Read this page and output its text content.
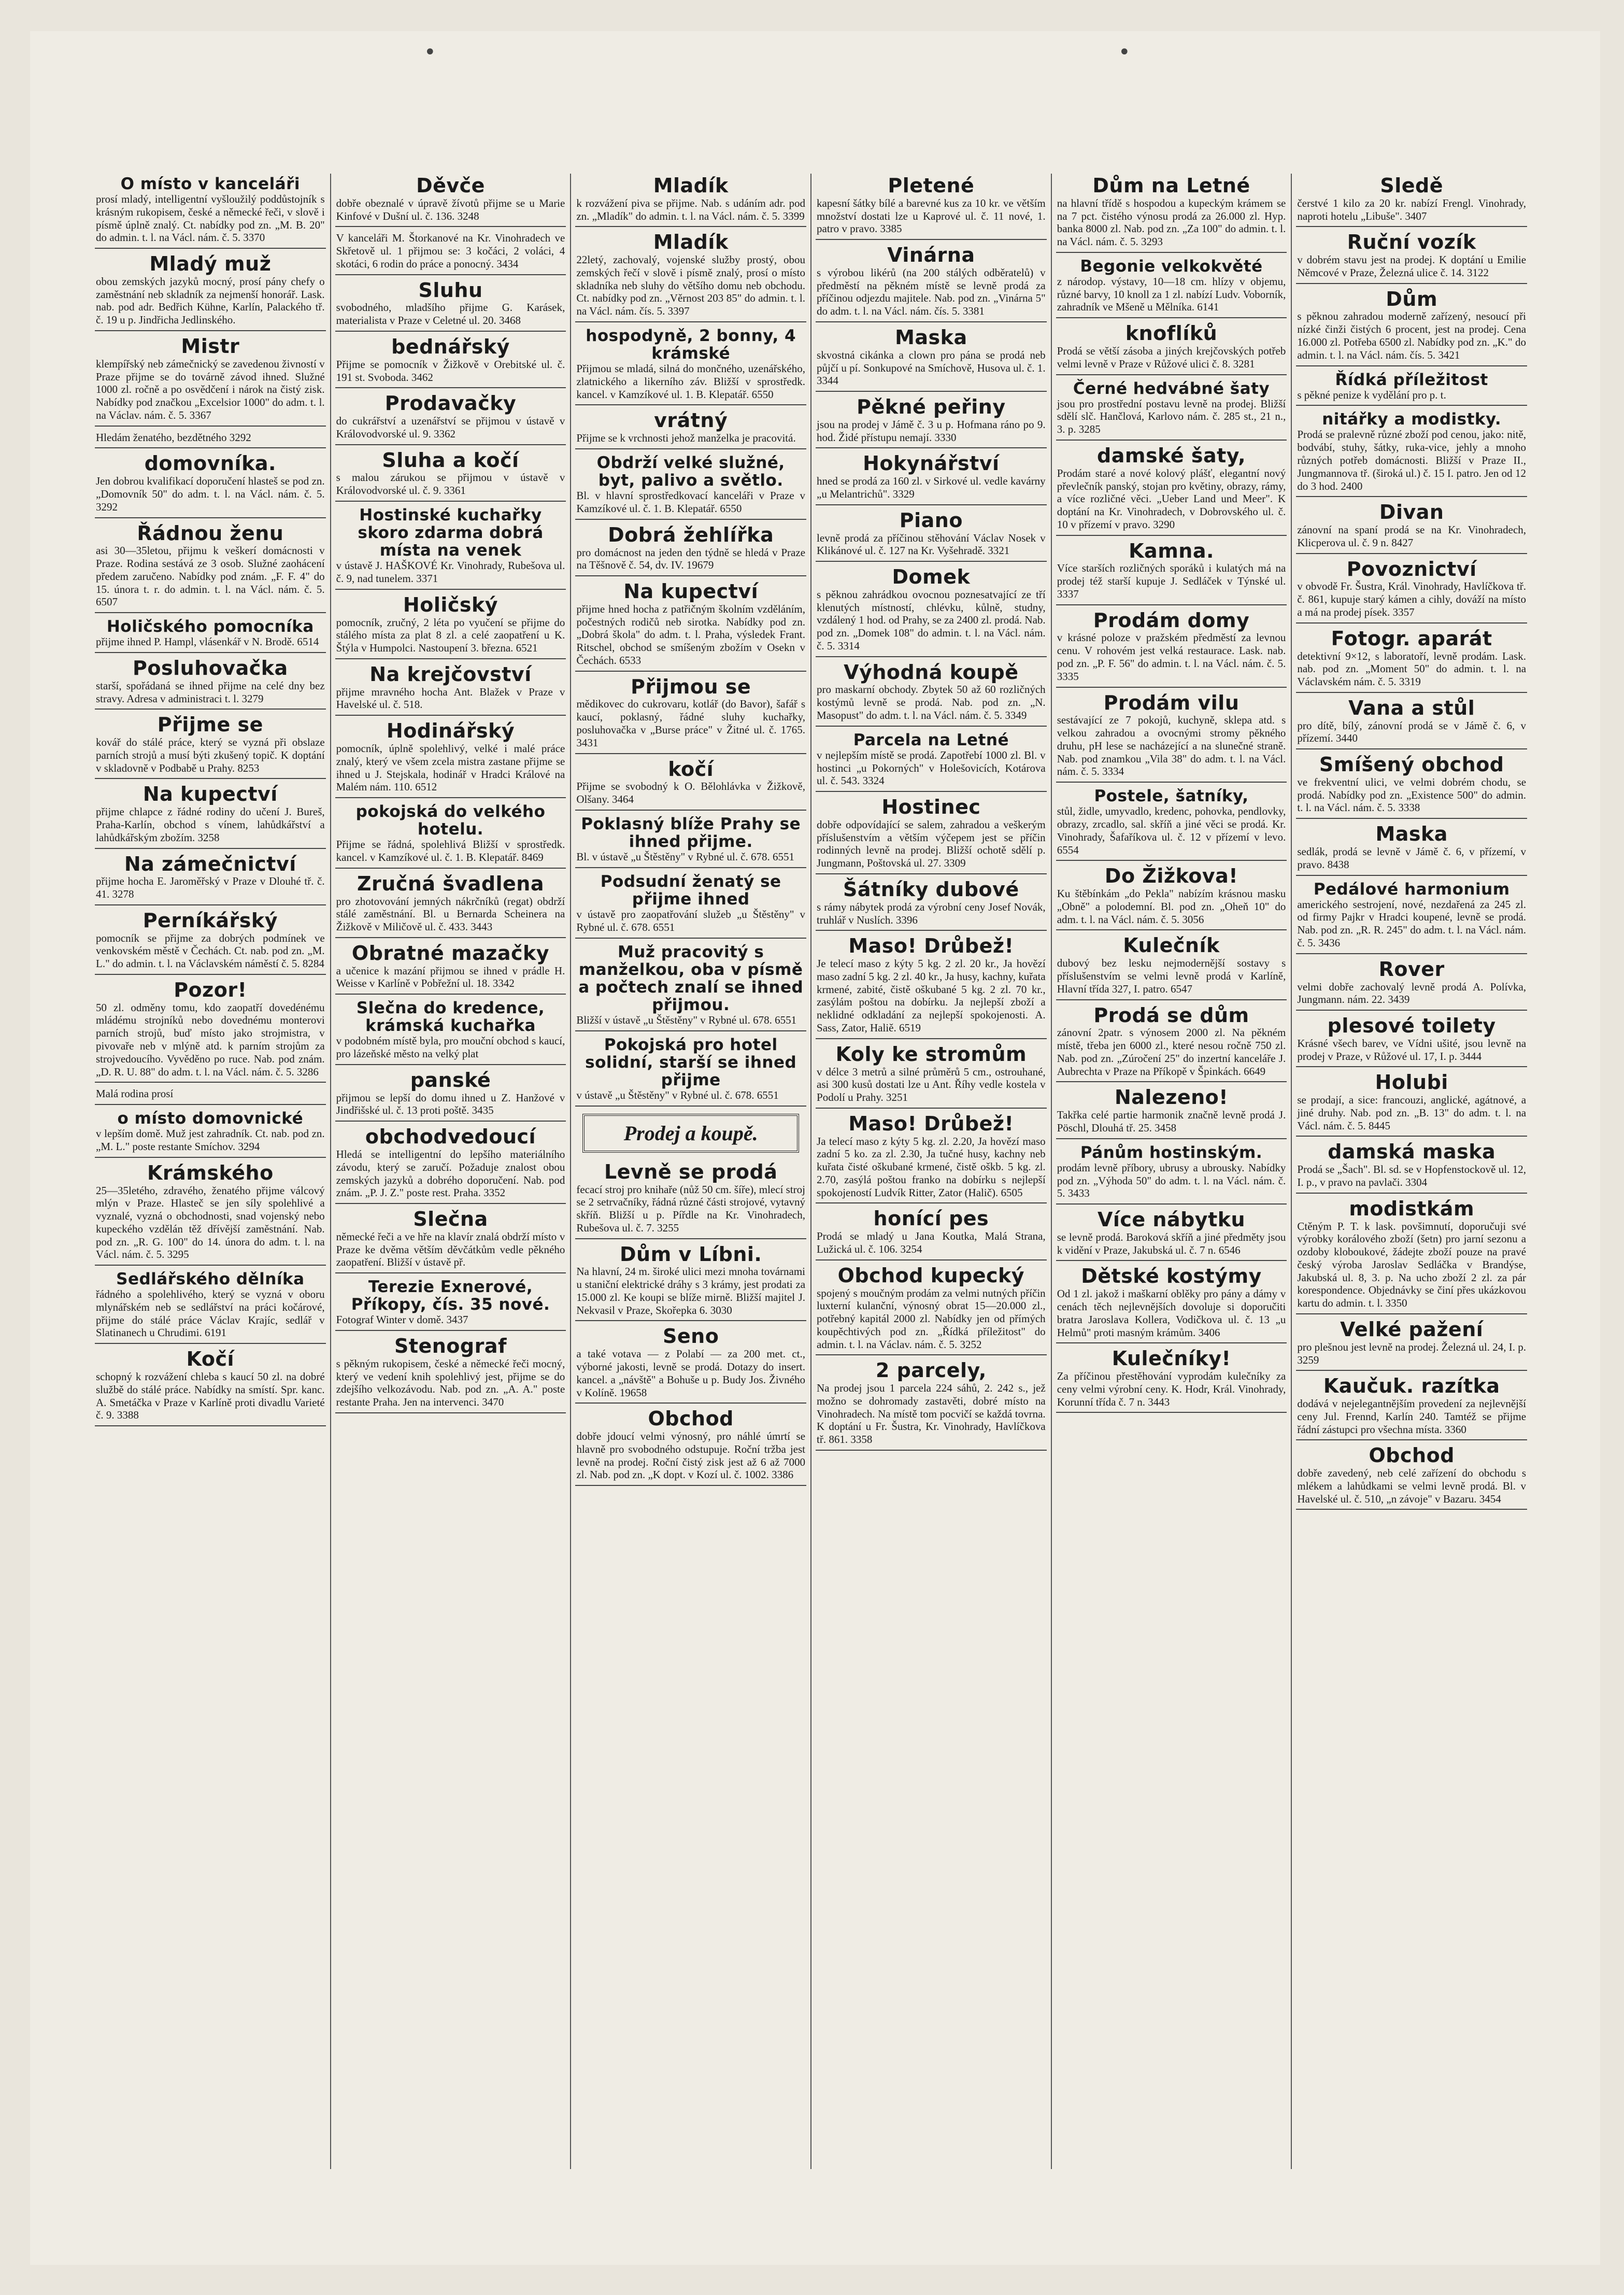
•	•
O místo v kanceláři
prosí mladý, intelligentní vyšloužilý poddůstojník s krásným rukopisem, české a německé řeči, v slově i písmě úplně znalý. Ct. nabídky pod zn. „M. B. 20" do admin. t. l. na Václ. nám. č. 5. 3370
Mladý muž
obou zemských jazyků mocný, prosí pány chefy o zaměstnání neb skladník za nejmenší honorář. Lask. nab. pod adr. Bedřich Kühne, Karlín, Palackého tř. č. 19 u p. Jindřicha Jedlinského.
Mistr
klempířský neb zámečnický se zavedenou živností v Praze přijme se do továrně závod ihned. Služné 1000 zl. ročně a po osvědčení i nárok na čistý zisk. Nabídky pod značkou „Excelsior 1000" do adm. t. l. na Václav. nám. č. 5. 3367
Hledám ženatého, bezdětného 3292
domovníka.
Jen dobrou kvalifikací doporučení hlasteš se pod zn. „Domovník 50" do adm. t. l. na Václ. nám. č. 5. 3292
Řádnou ženu
asi 30—35letou, přijmu k veškerí domácnosti v Praze. Rodina sestává ze 3 osob. Služné zaohácení předem zaručeno. Nabídky pod znám. „F. F. 4" do 15. února t. r. do admin. t. l. na Václ. nám. č. 5. 6507
Holičského pomocníka
přijme ihned P. Hampl, vlásenkář v N. Brodě. 6514
Posluhovačka
starší, spořádaná se ihned přijme na celé dny bez stravy. Adresa v administraci t. l. 3279
Přijme se
kovář do stálé práce, který se vyzná při obslaze parních strojů a musí býti zkušený topič. K doptání v skladovně v Podbabě u Prahy. 8253
Na kupectví
přijme chlapce z řádné rodiny do učení J. Bureš, Praha-Karlín, obchod s vínem, lahůdkářství a lahůdkářským zbožím. 3258
Na zámečnictví
přijme hocha E. Jaroměřský v Praze v Dlouhé tř. č. 41. 3278
Perníkářský
pomocník se přijme za dobrých podmínek ve venkovském městě v Čechách. Ct. nab. pod zn. „M. L." do admin. t. l. na Václavském náměstí č. 5. 8284
Pozor!
50 zl. odměny tomu, kdo zaopatří dovedénému mládému strojníků nebo dovednému monterovi parních strojů, buď místo jako strojmistra, v pivovaře neb v mlýně atd. k parním strojům za strojvedoucího. Vyvěděno po ruce. Nab. pod znám. „D. R. U. 88" do adm. t. l. na Václ. nám. č. 5. 3286
Malá rodina prosí
o místo domovnické
v lepším domě. Muž jest zahradník. Ct. nab. pod zn. „M. L." poste restante Smíchov. 3294
Krámského
25—35letého, zdravého, ženatého přijme válcový mlýn v Praze. Hlasteč se jen síly spolehlivé a vyznalé, vyzná o obchodnosti, snad vojenský nebo kupeckého vzdělán těž dřívější zaměstnání. Nab. pod zn. „R. G. 100" do 14. února do adm. t. l. na Václ. nám. č. 5. 3295
Sedlářského dělníka
řádného a spolehlivého, který se vyzná v oboru mlynářském neb se sedlářství na práci kočárové, přijme do stálé práce Václav Krajíc, sedlář v Slatinanech u Chrudimi. 6191
Kočí
schopný k rozvážení chleba s kaucí 50 zl. na dobré službě do stálé práce. Nabídky na smístí. Spr. kanc. A. Smetáčka v Praze v Karlíně proti divadlu Varieté č. 9. 3388
Děvče
dobře obeznalé v úpravě žívotů přijme se u Marie Kinfové v Dušní ul. č. 136. 3248
V kanceláři M. Štorkanové na Kr. Vinohradech ve Skřetově ul. 1 přijmou se: 3 kočáci, 2 voláci, 4 skotáci, 6 rodin do práce a ponocný. 3434
Sluhu
svobodného, mladšího přijme G. Karásek, materialista v Praze v Celetné ul. 20. 3468
bednářský
Přijme se pomocník v Žižkově v Orebitské ul. č. 191 st. Svoboda. 3462
Prodavačky
do cukrářství a uzenářství se přijmou v ústavě v Královodvorské ul. 9. 3362
Sluha a kočí
s malou zárukou se přijmou v ústavě v Královodvorské ul. č. 9. 3361
Hostinské kuchařky skoro zdarma dobrá místa na venek
v ústavě J. HAŠKOVÉ Kr. Vinohrady, Rubešova ul. č. 9, nad tunelem. 3371
Holičský
pomocník, zručný, 2 léta po vyučení se přijme do stálého místa za plat 8 zl. a celé zaopatření u K. Štýla v Humpolci. Nastoupení 3. března. 6521
Na krejčovství
přijme mravného hocha Ant. Blažek v Praze v Havelské ul. č. 518.
Hodinářský
pomocník, úplně spolehlivý, velké i malé práce znalý, který ve všem zcela mistra zastane přijme se ihned u J. Stejskala, hodinář v Hradci Králové na Malém nám. 110. 6512
pokojská do velkého hotelu.
Přijme se řádná, spolehlivá Bližší v sprostředk. kancel. v Kamzíkové ul. č. 1. B. Klepatář. 8469
Zručná švadlena
pro zhotovování jemných nákrčníků (regat) obdrží stálé zaměstnání. Bl. u Bernarda Scheinera na Žižkově v Miličově ul. č. 433. 3443
Obratné mazačky
a učenice k mazání přijmou se ihned v prádle H. Weisse v Karlíně v Pobřežní ul. 18. 3342
Slečna do kredence, krámská kuchařka
v podobném místě byla, pro mouční obchod s kaucí, pro lázeňské město na velký plat
panské
přijmou se lepší do domu ihned u Z. Hanžové v Jindřišské ul. č. 13 proti poště. 3435
obchodvedoucí
Hledá se intelligentní do lepšího materiálního závodu, který se zaručí. Požaduje znalost obou zemských jazyků a dobrého doporučení. Nab. pod znám. „P. J. Z." poste rest. Praha. 3352
Slečna
německé řeči a ve hře na klavír znalá obdrží místo v Praze ke dvěma větším děvčátkům vedle pěkného zaopatření. Bližší v ústavě př.
Terezie Exnerové, Příkopy, čís. 35 nové.
Fotograf Winter v domě. 3437
Stenograf
s pěkným rukopisem, české a německé řeči mocný, který ve vedení knih spolehlivý jest, přijme se do zdejšího velkozávodu. Nab. pod zn. „A. A." poste restante Praha. Jen na intervenci. 3470
Mladík
k rozvážení piva se přijme. Nab. s udáním adr. pod zn. „Mladík" do admin. t. l. na Václ. nám. č. 5. 3399
Mladík
22letý, zachovalý, vojenské služby prostý, obou zemských řečí v slově i písmě znalý, prosí o místo skladníka neb sluhy do většího domu neb obchodu. Ct. nabídky pod zn. „Věrnost 203 85" do admin. t. l. na Václ. nám. čís. 5. 3397
hospodyně, 2 bonny, 4 krámské
Přijmou se mladá, silná do mončného, uzenářského, zlatnického a likerního záv. Bližší v sprostředk. kancel. v Kamzíkové ul. 1. B. Klepatář. 6550
vrátný
Přijme se k vrchnosti jehož manželka je pracovitá.
Obdrží velké služné, byt, palivo a světlo.
Bl. v hlavní sprostředkovací kanceláři v Praze v Kamzíkové ul. č. 1. B. Klepatář. 6550
Dobrá žehlířka
pro domácnost na jeden den týdně se hledá v Praze na Těšnově č. 54, dv. IV. 19679
Na kupectví
přijme hned hocha z patřičným školním vzděláním, počestných rodičů neb sirotka. Nabídky pod zn. „Dobrá škola" do adm. t. l. Praha, výsledek Frant. Ritschel, obchod se smíšeným zbožím v Osekn v Čechách. 6533
Přijmou se
mědikovec do cukrovaru, kotlář (do Bavor), šafář s kaucí, poklasný, řádné sluhy kuchařky, posluhovačka v „Burse práce" v Žitné ul. č. 1765. 3431
kočí
Přijme se svobodný k O. Bělohlávka v Žižkově, Olšany. 3464
Poklasný blíže Prahy se ihned přijme.
Bl. v ústavě „u Štěstěny" v Rybné ul. č. 678. 6551
Podsudní ženatý se přijme ihned
v ústavě pro zaopatřování služeb „u Štěstěny" v Rybné ul. č. 678. 6551
Muž pracovitý s manželkou, oba v písmě a počtech znalí se ihned přijmou.
Bližší v ústavě „u Štěstěny" v Rybné ul. 678. 6551
Pokojská pro hotel solidní, starší se ihned přijme
v ústavě „u Štěstěny" v Rybné ul. č. 678. 6551
Prodej a koupě.
Levně se prodá
fecací stroj pro knihaře (nůž 50 cm. šíře), mlecí stroj se 2 setrvačníky, řádná různé části strojové, vytavný skříň. Bližší u p. Pířdle na Kr. Vinohradech, Rubešova ul. č. 7. 3255
Dům v Líbni.
Na hlavní, 24 m. široké ulici mezi mnoha továrnami u staniční elektrické dráhy s 3 krámy, jest prodati za 15.000 zl. Ke koupi se blíže mirně. Bližší majitel J. Nekvasil v Praze, Skořepka 6. 3030
Seno
a také votava — z Polabí — za 200 met. ct., výborné jakosti, levně se prodá. Dotazy do insert. kancel. a „návště" a Bohuše u p. Budy Jos. Živného v Kolíně. 19658
Obchod
dobře jdoucí velmi výnosný, pro náhlé úmrtí se hlavně pro svobodného odstupuje. Roční tržba jest levně na prodej. Roční čistý zisk jest až 6 až 7000 zl. Nab. pod zn. „K dopt. v Kozí ul. č. 1002. 3386
Pletené
kapesní šátky bílé a barevné kus za 10 kr. ve větším množství dostati lze u Kaprové ul. č. 11 nové, 1. patro v pravo. 3385
Vinárna
s výrobou likérů (na 200 stálých odběratelů) v předměstí na pěkném místě se levně prodá za příčinou odjezdu majitele. Nab. pod zn. „Vinárna 5" do adm. t. l. na Václ. nám. čís. 5. 3381
Maska
skvostná cikánka a clown pro pána se prodá neb půjčí u pí. Sonkupové na Smíchově, Husova ul. č. 1. 3344
Pěkné peřiny
jsou na prodej v Jámě č. 3 u p. Hofmana ráno po 9. hod. Židé přístupu nemají. 3330
Hokynářství
hned se prodá za 160 zl. v Sirkové ul. vedle kavárny „u Melantrichů". 3329
Piano
levně prodá za příčinou stěhování Václav Nosek v Klikánové ul. č. 127 na Kr. Vyšehradě. 3321
Domek
s pěknou zahrádkou ovocnou poznesatvající ze tří klenutých místností, chlévku, kůlně, studny, vzdálený 1 hod. od Prahy, se za 2400 zl. prodá. Nab. pod zn. „Domek 108" do admin. t. l. na Václ. nám. č. 5. 3314
Výhodná koupě
pro maskarní obchody. Zbytek 50 až 60 rozličných kostýmů levně se prodá. Nab. pod zn. „N. Masopust" do adm. t. l. na Václ. nám. č. 5. 3349
Parcela na Letné
v nejlepším místě se prodá. Zapotřebí 1000 zl. Bl. v hostinci „u Pokorných" v Holešovicích, Kotárova ul. č. 543. 3324
Hostinec
dobře odpovídající se salem, zahradou a veškerým příslušenstvím a větším výčepem jest se příčin rodinných levně na prodej. Bližší ochotě sdělí p. Jungmann, Poštovská ul. 27. 3309
Šátníky dubové
s rámy nábytek prodá za výrobní ceny Josef Novák, truhlář v Nuslích. 3396
Maso! Drůbež!
Je telecí maso z kýty 5 kg. 2 zl. 20 kr., Ja hovězí maso zadní 5 kg. 2 zl. 40 kr., Ja husy, kachny, kuřata krmené, zabité, čistě oškubané 5 kg. 2 zl. 70 kr., zasýlám poštou na dobírku. Ja nejlepší zboží a neklidné odkladání za nejlepší spokojenosti. A. Sass, Zator, Haliě. 6519
Koly ke stromům
v délce 3 metrů a silné průměrů 5 cm., ostrouhané, asi 300 kusů dostati lze u Ant. Říhy vedle kostela v Podolí u Prahy. 3251
Maso! Drůbež!
Ja telecí maso z kýty 5 kg. zl. 2.20, Ja hovězí maso zadní 5 ko. za zl. 2.30, Ja tučné husy, kachny neb kuřata čisté oškubané krmené, čistě oškb. 5 kg. zl. 2.70, zasýlá poštou franko na dobírku s nejlepší spokojeností Ludvík Ritter, Zator (Halič). 6505
honící pes
Prodá se mladý u Jana Koutka, Malá Strana, Lužická ul. č. 106. 3254
Obchod kupecký
spojený s moučným prodám za velmi nutných příčin luxterní kulanční, výnosný obrat 15—20.000 zl., potřebný kapitál 2000 zl. Nabídky jen od přímých koupěchtivých pod zn. „Řídká příležitost" do admin. t. l. na Václav. nám. č. 5. 3252
2 parcely,
Na prodej jsou 1 parcela 224 sáhů, 2. 242 s., jež možno se dohromady zastavěti, dobré místo na Vinohradech. Na místě tom pocvičí se každá tovrna. K doptání u Fr. Šustra, Kr. Vinohrady, Havlíčkova tř. 861. 3358
Dům na Letné
na hlavní třídě s hospodou a kupeckým krámem se na 7 pct. čistého výnosu prodá za 26.000 zl. Hyp. banka 8000 zl. Nab. pod zn. „Za 100" do admin. t. l. na Václ. nám. č. 5. 3293
Begonie velkokvěté
z národop. výstavy, 10—18 cm. hlízy v objemu, různé barvy, 10 knoll za 1 zl. nabízí Ludv. Voborník, zahradník ve Mšeně u Mělníka. 6141
knoflíků
Prodá se větší zásoba a jiných krejčovských potřeb velmi levně v Praze v Růžové ulici č. 8. 3281
Černé hedvábné šaty
jsou pro prostřední postavu levně na prodej. Bližší sdělí slč. Hančlová, Karlovo nám. č. 285 st., 21 n., 3. p. 3285
damské šaty,
Prodám staré a nové kolový plášť, elegantní nový převlečník panský, stojan pro květiny, obrazy, rámy, a více rozličné věci. „Ueber Land und Meer". K doptání na Kr. Vinohradech, v Dobrovského ul. č. 10 v přízemí v pravo. 3290
Kamna.
Více starších rozličných sporáků i kulatých má na prodej též starší kupuje J. Sedláček v Týnské ul. 3337
Prodám domy
v krásné poloze v pražském předměstí za levnou cenu. V rohovém jest velká restaurace. Lask. nab. pod zn. „P. F. 56" do admin. t. l. na Václ. nám. č. 5. 3335
Prodám vilu
sestávající ze 7 pokojů, kuchyně, sklepa atd. s velkou zahradou a ovocnými stromy pěkného druhu, pH lese se nacházející a na slunečné straně. Nab. pod znamkou „Vila 38" do adm. t. l. na Václ. nám. č. 5. 3334
Postele, šatníky,
stůl, židle, umyvadlo, kredenc, pohovka, pendlovky, obrazy, zrcadlo, sal. skříň a jiné věci se prodá. Kr. Vinohrady, Šafaříkova ul. č. 12 v přízemí v levo. 6554
Do Žižkova!
Ku štěbínkám „do Pekla" nabízím krásnou masku „Obně" a polodemní. Bl. pod zn. „Oheň 10" do adm. t. l. na Václ. nám. č. 5. 3056
Kulečník
dubový bez lesku nejmodernější sostavy s příslušenstvím se velmi levně prodá v Karlíně, Hlavní třída 327, I. patro. 6547
Prodá se dům
zánovní 2patr. s výnosem 2000 zl. Na pěkném místě, třeba jen 6000 zl., které nesou ročně 750 zl. Nab. pod zn. „Zúročení 25" do inzertní kanceláře J. Aubrechta v Praze na Příkopě v Špinkách. 6649
Nalezeno!
Takřka celé partie harmonik značně levně prodá J. Pöschl, Dlouhá tř. 25. 3458
Pánům hostinským.
prodám levně příbory, ubrusy a ubrousky. Nabídky pod zn. „Výhoda 50" do adm. t. l. na Václ. nám. č. 5. 3433
Více nábytku
se levně prodá. Baroková skříň a jiné předměty jsou k vidění v Praze, Jakubská ul. č. 7 n. 6546
Dětské kostýmy
Od 1 zl. jakož i maškarní oblěky pro pány a dámy v cenách těch nejlevnějších dovoluje si doporučiti bratra Jaroslava Kollera, Vodičkova ul. č. 13 „u Helmů" proti masným krámům. 3406
Kulečníky!
Za příčinou přestěhování vyprodám kulečníky za ceny velmi výrobní ceny. K. Hodr, Král. Vinohrady, Korunní třída č. 7 n. 3443
Sledě
čerstvé 1 kilo za 20 kr. nabízí Frengl. Vinohrady, naproti hotelu „Libuše". 3407
Ruční vozík
v dobrém stavu jest na prodej. K doptání u Emilie Němcové v Praze, Železná ulice č. 14. 3122
Dům
s pěknou zahradou moderně zařízený, nesoucí při nízké činži čistých 6 procent, jest na prodej. Cena 16.000 zl. Potřeba 6500 zl. Nabídky pod zn. „K." do admin. t. l. na Václ. nám. čís. 5. 3421
Řídká příležitost
s pěkné penize k vydělání pro p. t.
nitářky a modistky.
Prodá se pralevně různé zboží pod cenou, jako: nitě, bodvábí, stuhy, šátky, ruka-vice, jehly a mnoho různých potřeb domácnosti. Bližší v Praze II., Jungmannova tř. (široká ul.) č. 15 I. patro. Jen od 12 do 3 hod. 2400
Divan
zánovní na spaní prodá se na Kr. Vinohradech, Klicperova ul. č. 9 n. 8427
Povoznictví
v obvodě Fr. Šustra, Král. Vinohrady, Havlíčkova tř. č. 861, kupuje starý kámen a cihly, dováží na místo a má na prodej písek. 3357
Fotogr. aparát
detektivní 9×12, s laboratoří, levně prodám. Lask. nab. pod zn. „Moment 50" do admin. t. l. na Václavském nám. č. 5. 3319
Vana a stůl
pro dítě, bílý, zánovní prodá se v Jámě č. 6, v přízemí. 3440
Smíšený obchod
ve frekventní ulici, ve velmi dobrém chodu, se prodá. Nabídky pod zn. „Existence 500" do admin. t. l. na Václ. nám. č. 5. 3338
Maska
sedlák, prodá se levně v Jámě č. 6, v přízemí, v pravo. 8438
Pedálové harmonium
amerického sestrojení, nové, nezdařená za 245 zl. od firmy Pajkr v Hradci koupené, levně se prodá. Nab. pod zn. „R. R. 245" do adm. t. l. na Václ. nám. č. 5. 3436
Rover
velmi dobře zachovalý levně prodá A. Polívka, Jungmann. nám. 22. 3439
plesové toilety
Krásné všech barev, ve Vídni ušité, jsou levně na prodej v Praze, v Růžové ul. 17, I. p. 3444
Holubi
se prodají, a sice: francouzi, anglické, agátnové, a jiné druhy. Nab. pod zn. „B. 13" do adm. t. l. na Václ. nám. č. 5. 8445
damská maska
Prodá se „Šach". Bl. sd. se v Hopfenstockově ul. 12, I. p., v pravo na pavlači. 3304
modistkám
Ctěným P. T. k lask. povšimnutí, doporučuji své výrobky korálového zboží (šetn) pro jarní sezonu a ozdoby kloboukové, žádejte zboží pouze na pravé český výroba Jaroslav Sedláčka v Brandýse, Jakubská ul. 8, 3. p. Na ucho zboží 2 zl. za pár korespondence. Objednávky se činí přes ukázkovou kartu do admin. t. l. 3350
Velké pažení
pro plešnou jest levně na prodej. Železná ul. 24, I. p. 3259
Kaučuk. razítka
dodává v nejelegantnějším provedení za nejlevnější ceny Jul. Frennd, Karlín 240. Tamtéž se přijme řádní zástupci pro všechna místa. 3360
Obchod
dobře zavedený, neb celé zařízení do obchodu s mlékem a lahůdkami se velmi levně prodá. Bl. v Havelské ul. č. 510, „n závoje" v Bazaru. 3454
